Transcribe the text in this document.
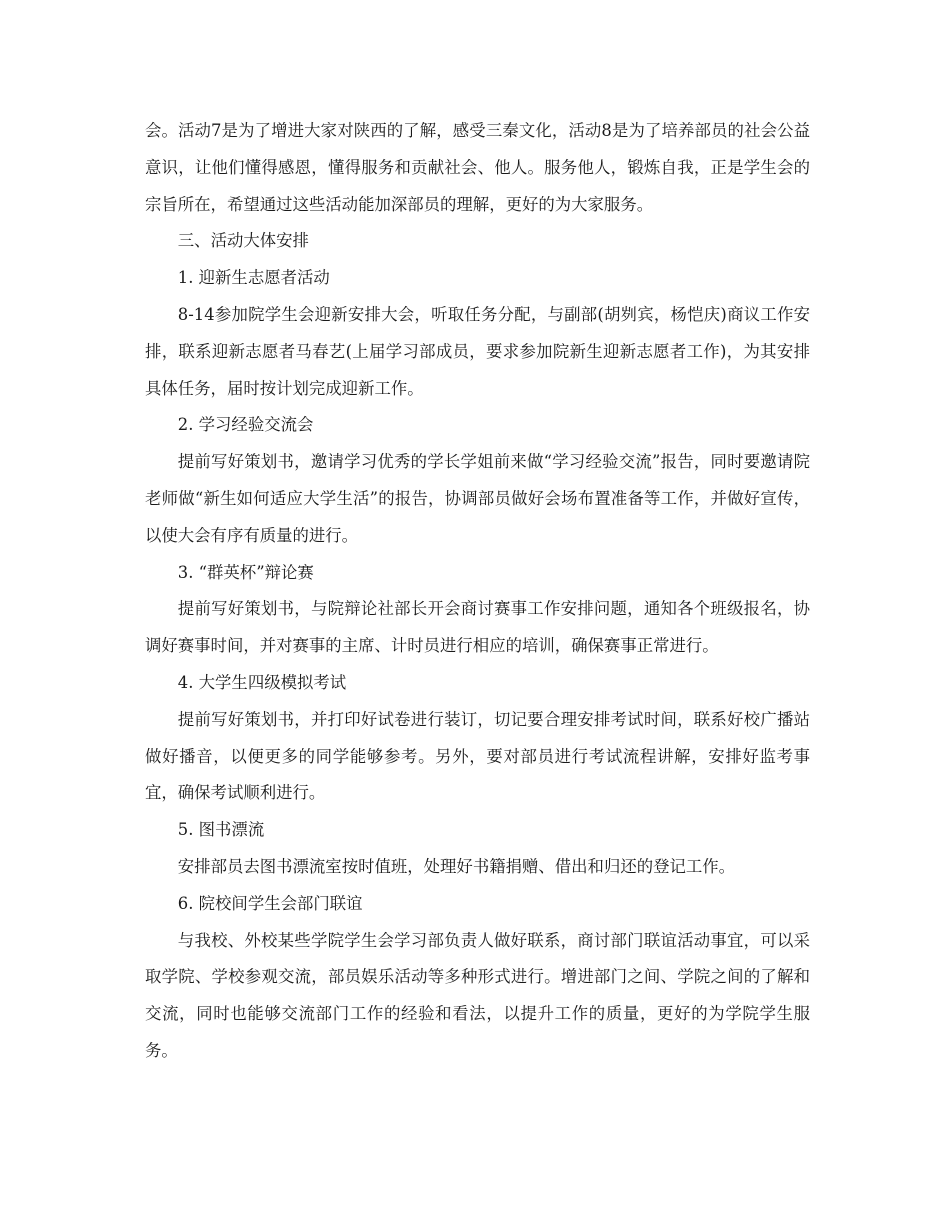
会。活动7是为了增进大家对陕西的了解，感受三秦文化，活动8是为了培养部员的社会公益意识，让他们懂得感恩，懂得服务和贡献社会、他人。服务他人，锻炼自我，正是学生会的宗旨所在，希望通过这些活动能加深部员的理解，更好的为大家服务。

三、活动大体安排

1. 迎新生志愿者活动

8-14参加院学生会迎新安排大会，听取任务分配，与副部(胡刿宾，杨恺庆)商议工作安排，联系迎新志愿者马春艺(上届学习部成员，要求参加院新生迎新志愿者工作)，为其安排具体任务，届时按计划完成迎新工作。

2. 学习经验交流会

提前写好策划书，邀请学习优秀的学长学姐前来做“学习经验交流”报告，同时要邀请院老师做“新生如何适应大学生活”的报告，协调部员做好会场布置准备等工作，并做好宣传，以使大会有序有质量的进行。

3. “群英杯”辩论赛

提前写好策划书，与院辩论社部长开会商讨赛事工作安排问题，通知各个班级报名，协调好赛事时间，并对赛事的主席、计时员进行相应的培训，确保赛事正常进行。

4. 大学生四级模拟考试

提前写好策划书，并打印好试卷进行装订，切记要合理安排考试时间，联系好校广播站做好播音，以便更多的同学能够参考。另外，要对部员进行考试流程讲解，安排好监考事宜，确保考试顺利进行。

5. 图书漂流

安排部员去图书漂流室按时值班，处理好书籍捐赠、借出和归还的登记工作。

6. 院校间学生会部门联谊

与我校、外校某些学院学生会学习部负责人做好联系，商讨部门联谊活动事宜，可以采取学院、学校参观交流，部员娱乐活动等多种形式进行。增进部门之间、学院之间的了解和交流，同时也能够交流部门工作的经验和看法，以提升工作的质量，更好的为学院学生服务。
